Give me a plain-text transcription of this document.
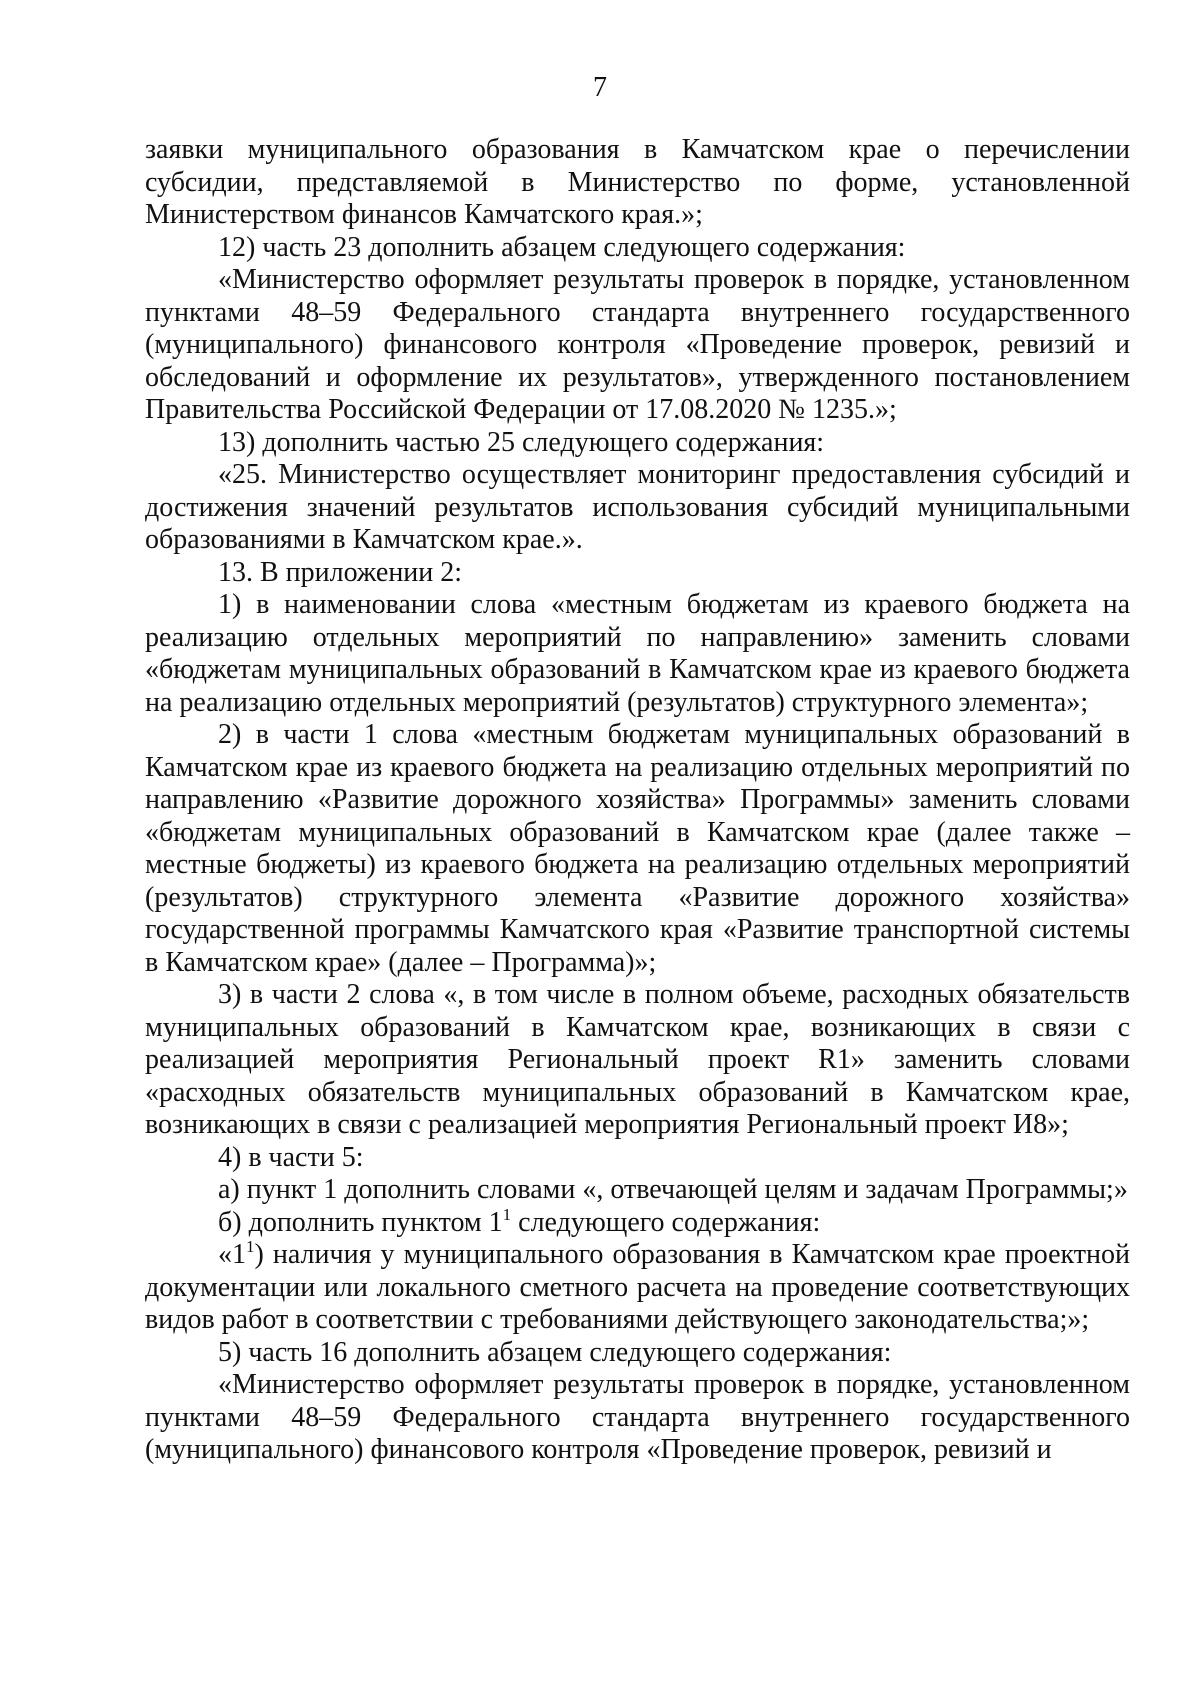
7

заявки муниципального образования в Камчатском крае о перечислении субсидии, представляемой в Министерство по форме, установленной Министерством финансов Камчатского края.»;

12) часть 23 дополнить абзацем следующего содержания:

«Министерство оформляет результаты проверок в порядке, установленном пунктами 48–59 Федерального стандарта внутреннего государственного (муниципального) финансового контроля «Проведение проверок, ревизий и обследований и оформление их результатов», утвержденного постановлением Правительства Российской Федерации от 17.08.2020 № 1235.»;

13) дополнить частью 25 следующего содержания:

«25. Министерство осуществляет мониторинг предоставления субсидий и достижения значений результатов использования субсидий муниципальными образованиями в Камчатском крае.».

13. В приложении 2:

1) в наименовании слова «местным бюджетам из краевого бюджета на реализацию отдельных мероприятий по направлению» заменить словами «бюджетам муниципальных образований в Камчатском крае из краевого бюджета на реализацию отдельных мероприятий (результатов) структурного элемента»;

2) в части 1 слова «местным бюджетам муниципальных образований в Камчатском крае из краевого бюджета на реализацию отдельных мероприятий по направлению «Развитие дорожного хозяйства» Программы» заменить словами «бюджетам муниципальных образований в Камчатском крае (далее также – местные бюджеты) из краевого бюджета на реализацию отдельных мероприятий (результатов) структурного элемента «Развитие дорожного хозяйства» государственной программы Камчатского края «Развитие транспортной системы в Камчатском крае» (далее – Программа)»;

3) в части 2 слова «, в том числе в полном объеме, расходных обязательств муниципальных образований в Камчатском крае, возникающих в связи с реализацией мероприятия Региональный проект R1» заменить словами «расходных обязательств муниципальных образований в Камчатском крае, возникающих в связи с реализацией мероприятия Региональный проект И8»;

4) в части 5:

а) пункт 1 дополнить словами «, отвечающей целям и задачам Программы;»

б) дополнить пунктом $1^1$ следующего содержания:

«$1^1$) наличия у муниципального образования в Камчатском крае проектной документации или локального сметного расчета на проведение соответствующих видов работ в соответствии с требованиями действующего законодательства;»;

5) часть 16 дополнить абзацем следующего содержания:

«Министерство оформляет результаты проверок в порядке, установленном пунктами 48–59 Федерального стандарта внутреннего государственного (муниципального) финансового контроля «Проведение проверок, ревизий и
